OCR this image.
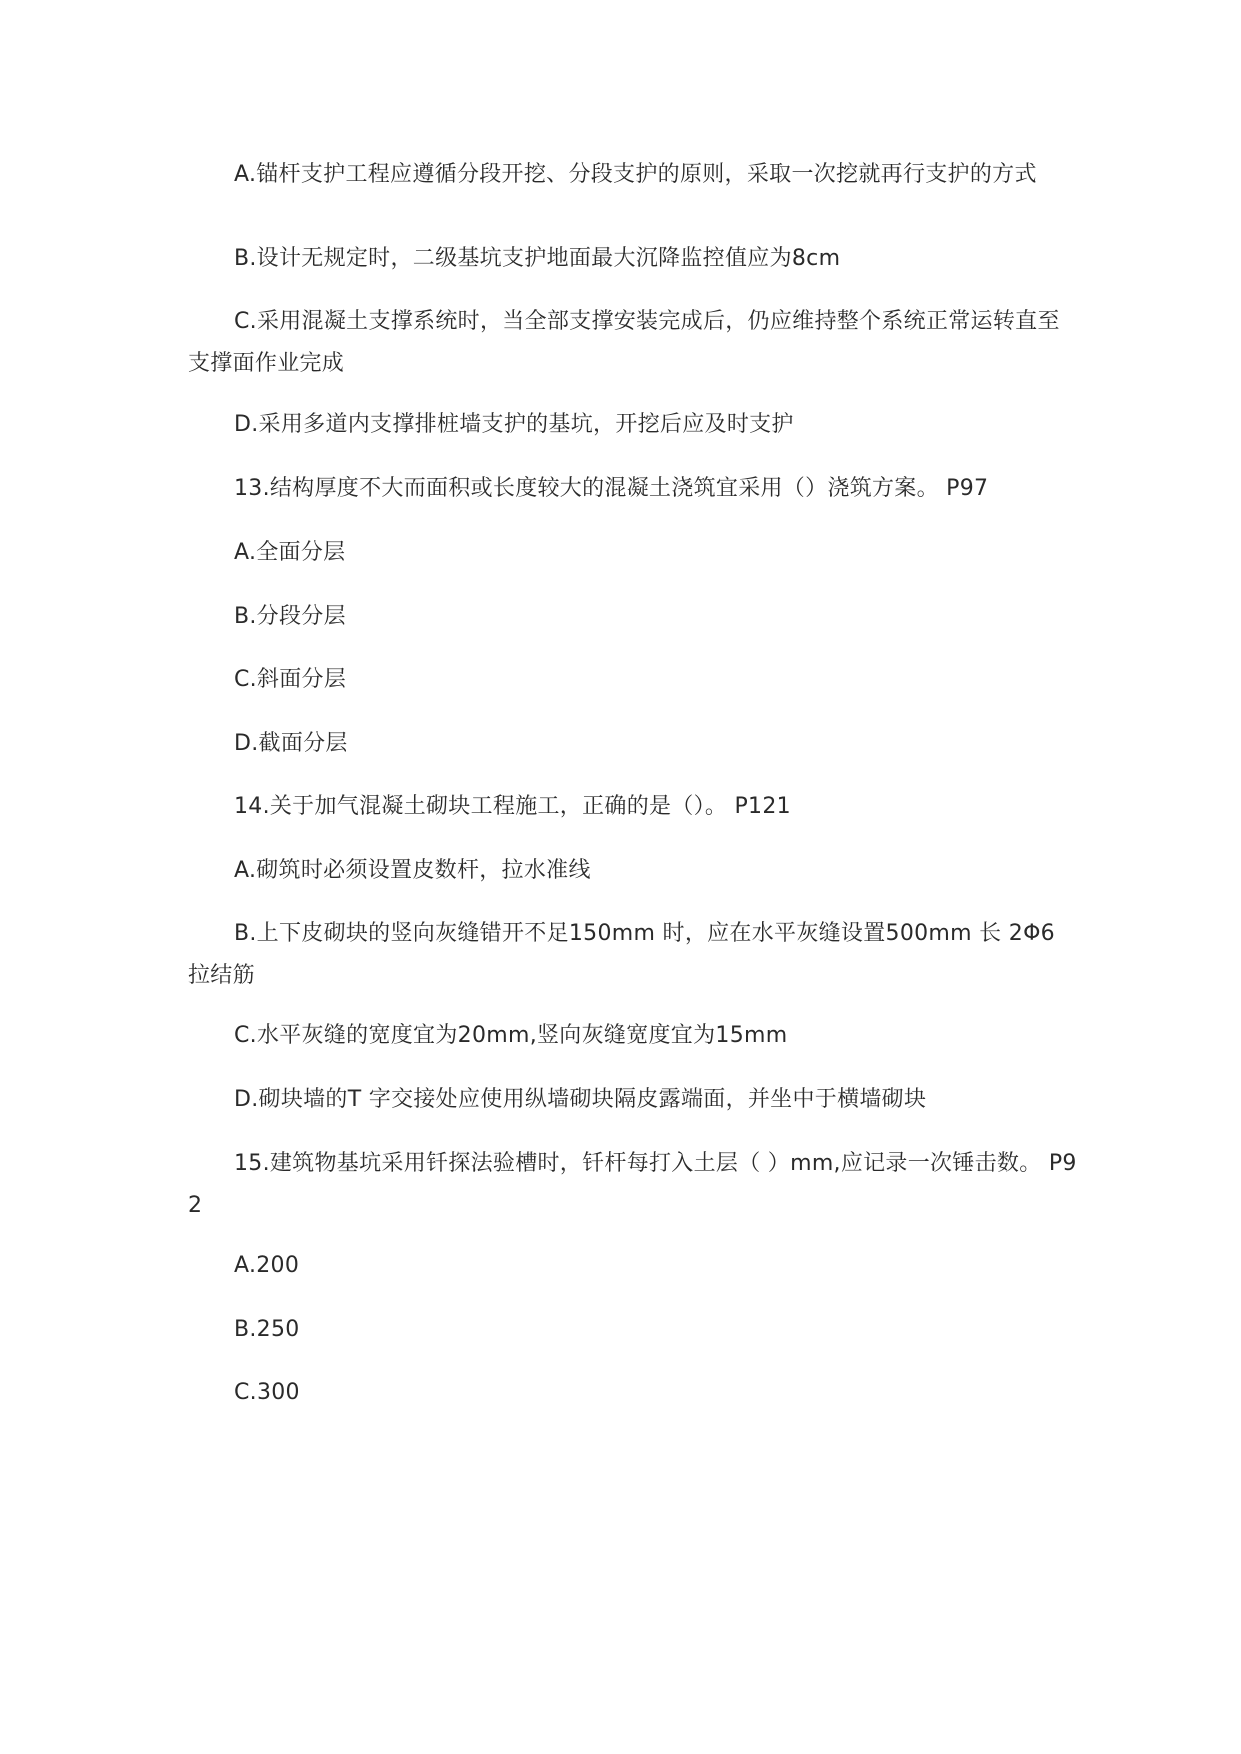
A.锚杆支护工程应遵循分段开挖、分段支护的原则，采取一次挖就再行支护的方式

B.设计无规定时，二级基坑支护地面最大沉降监控值应为8cm

C.采用混凝土支撑系统时，当全部支撑安装完成后，仍应维持整个系统正常运转直至支撑面作业完成

D.采用多道内支撑排桩墙支护的基坑，开挖后应及时支护

13.结构厚度不大而面积或长度较大的混凝土浇筑宜采用（）浇筑方案。 P97

A.全面分层

B.分段分层

C.斜面分层

D.截面分层

14.关于加气混凝土砌块工程施工，正确的是（）。 P121

A.砌筑时必须设置皮数杆，拉水准线

B.上下皮砌块的竖向灰缝错开不足150mm 时，应在水平灰缝设置500mm 长 2Φ6 拉结筋

C.水平灰缝的宽度宜为20mm,竖向灰缝宽度宜为15mm

D.砌块墙的T 字交接处应使用纵墙砌块隔皮露端面，并坐中于横墙砌块

15.建筑物基坑采用钎探法验槽时，钎杆每打入土层（ ）mm,应记录一次锤击数。 P92

A.200

B.250

C.300
